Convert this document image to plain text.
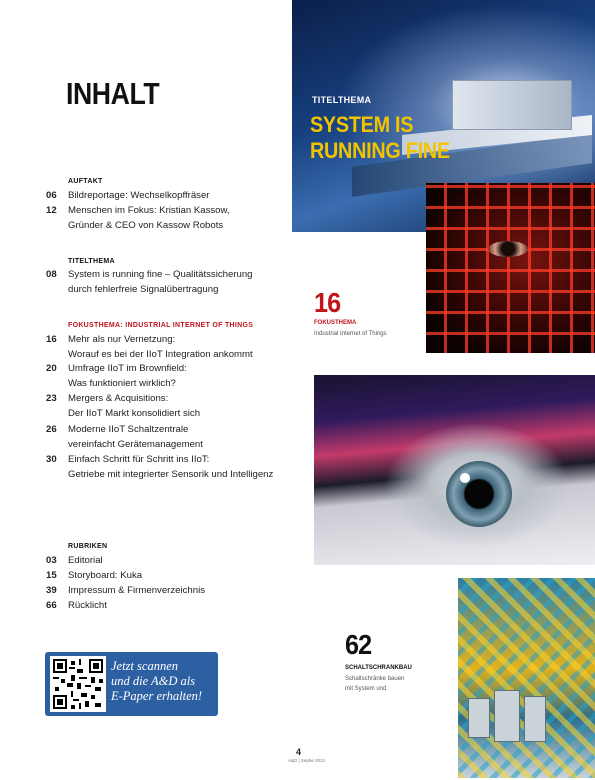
INHALT
AUFTAKT
06	Bildreportage: Wechselkopffräser
12	Menschen im Fokus: Kristian Kassow,
Gründer & CEO von Kassow Robots
TITELTHEMA
08	System is running fine – Qualitätssicherung
durch fehlerfreie Signalübertragung
FOKUSTHEMA: INDUSTRIAL INTERNET OF THINGS
16	Mehr als nur Vernetzung:
Worauf es bei der IIoT Integration ankommt
20	Umfrage IIoT im Brownfield:
Was funktioniert wirklich?
23	Mergers & Acquisitions:
Der IIoT Markt konsolidiert sich
26	Moderne IIoT Schaltzentrale
vereinfacht Gerätemanagement
30	Einfach Schritt für Schritt ins IIoT:
Getriebe mit integrierter Sensorik und Intelligenz
RUBRIKEN
03	Editorial
15	Storyboard: Kuka
39	Impressum & Firmenverzeichnis
66	Rücklicht
TITELTHEMA
SYSTEM IS
RUNNING FINE
16
FOKUSTHEMA
Industrial Internet of Things
62
SCHALTSCHRANKBAU
Schaltschränke bauen
mit System und
Jetzt scannen
und die A&D als
E-Paper erhalten!
4
A&D | Sepbe 2021
